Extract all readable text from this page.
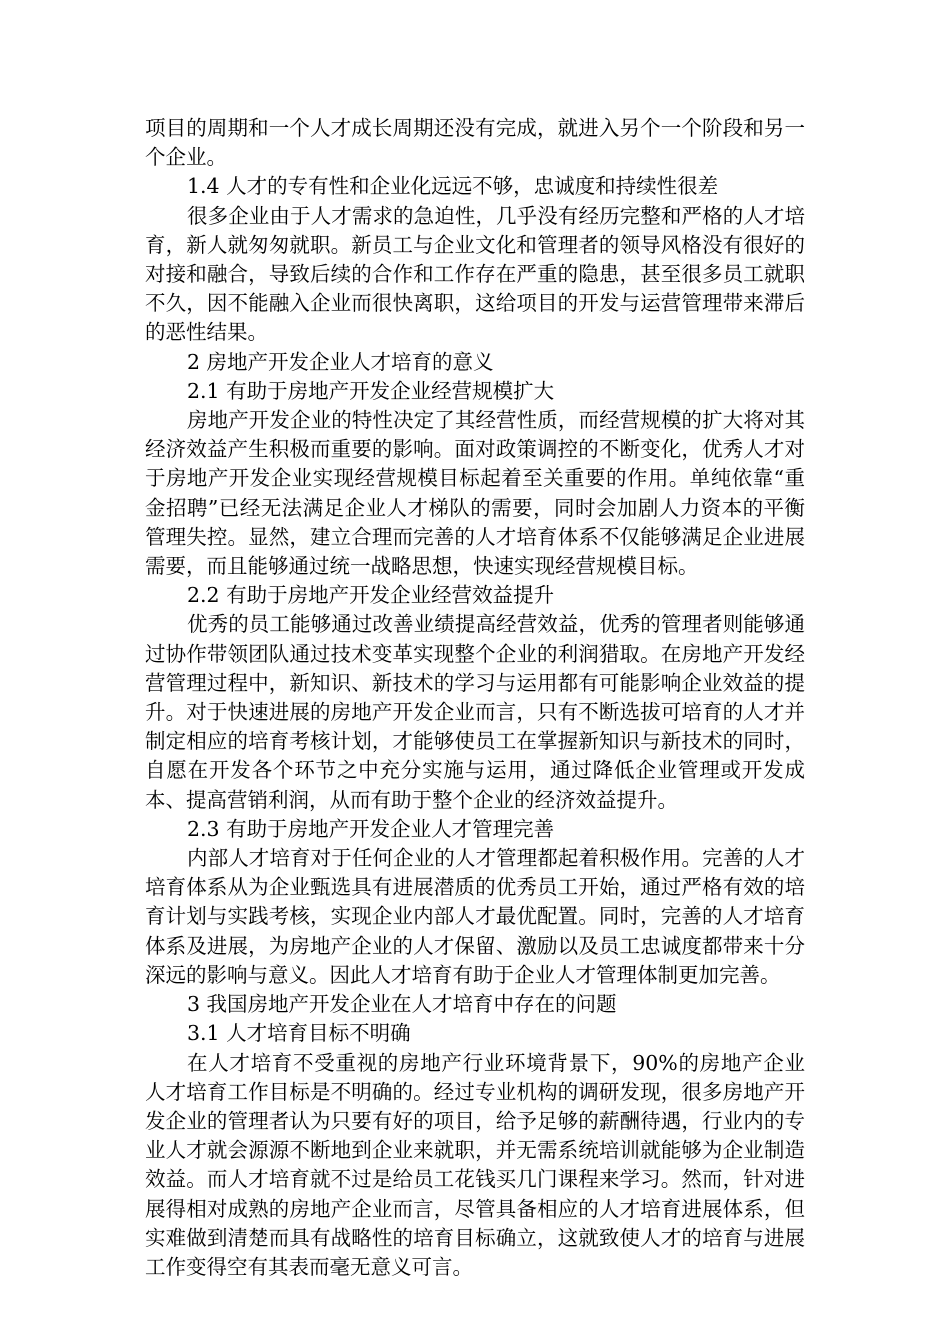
项目的周期和一个人才成长周期还没有完成，就进入另个一个阶段和另一个企业。

1.4 人才的专有性和企业化远远不够，忠诚度和持续性很差

很多企业由于人才需求的急迫性，几乎没有经历完整和严格的人才培育，新人就匆匆就职。新员工与企业文化和管理者的领导风格没有很好的对接和融合，导致后续的合作和工作存在严重的隐患，甚至很多员工就职不久，因不能融入企业而很快离职，这给项目的开发与运营管理带来滞后的恶性结果。

2 房地产开发企业人才培育的意义

2.1 有助于房地产开发企业经营规模扩大

房地产开发企业的特性决定了其经营性质，而经营规模的扩大将对其经济效益产生积极而重要的影响。面对政策调控的不断变化，优秀人才对于房地产开发企业实现经营规模目标起着至关重要的作用。单纯依靠“重金招聘”已经无法满足企业人才梯队的需要，同时会加剧人力资本的平衡管理失控。显然，建立合理而完善的人才培育体系不仅能够满足企业进展需要，而且能够通过统一战略思想，快速实现经营规模目标。

2.2 有助于房地产开发企业经营效益提升

优秀的员工能够通过改善业绩提高经营效益，优秀的管理者则能够通过协作带领团队通过技术变革实现整个企业的利润猎取。在房地产开发经营管理过程中，新知识、新技术的学习与运用都有可能影响企业效益的提升。对于快速进展的房地产开发企业而言，只有不断选拔可培育的人才并制定相应的培育考核计划，才能够使员工在掌握新知识与新技术的同时，自愿在开发各个环节之中充分实施与运用，通过降低企业管理或开发成本、提高营销利润，从而有助于整个企业的经济效益提升。

2.3 有助于房地产开发企业人才管理完善

内部人才培育对于任何企业的人才管理都起着积极作用。完善的人才培育体系从为企业甄选具有进展潜质的优秀员工开始，通过严格有效的培育计划与实践考核，实现企业内部人才最优配置。同时，完善的人才培育体系及进展，为房地产企业的人才保留、激励以及员工忠诚度都带来十分深远的影响与意义。因此人才培育有助于企业人才管理体制更加完善。

3 我国房地产开发企业在人才培育中存在的问题

3.1 人才培育目标不明确

在人才培育不受重视的房地产行业环境背景下，90%的房地产企业人才培育工作目标是不明确的。经过专业机构的调研发现，很多房地产开发企业的管理者认为只要有好的项目，给予足够的薪酬待遇，行业内的专业人才就会源源不断地到企业来就职，并无需系统培训就能够为企业制造效益。而人才培育就不过是给员工花钱买几门课程来学习。然而，针对进展得相对成熟的房地产企业而言，尽管具备相应的人才培育进展体系，但实难做到清楚而具有战略性的培育目标确立，这就致使人才的培育与进展工作变得空有其表而毫无意义可言。
